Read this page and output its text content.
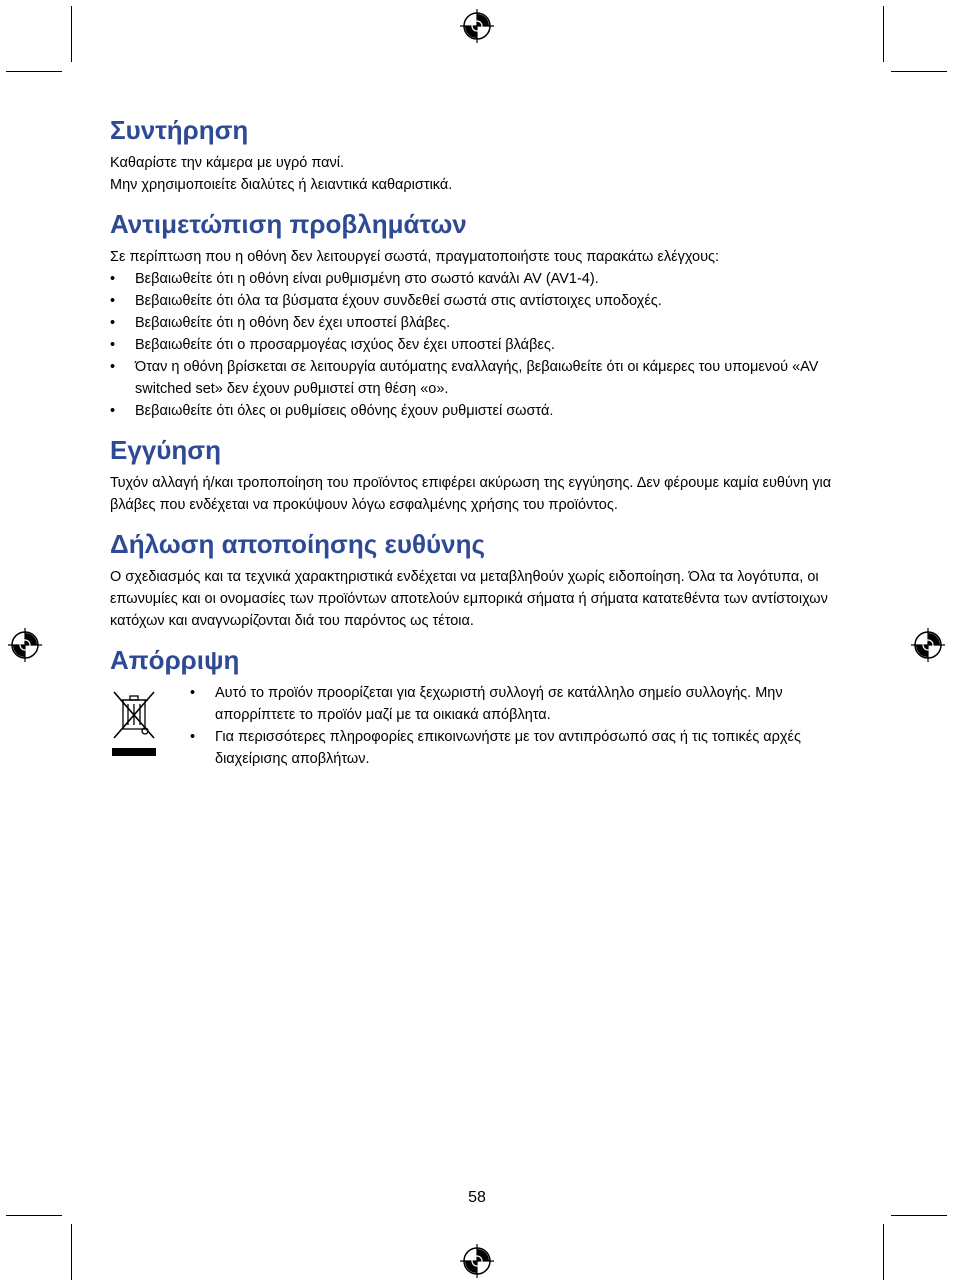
Συντήρηση

Καθαρίστε την κάμερα με υγρό πανί.

Μην χρησιμοποιείτε διαλύτες ή λειαντικά καθαριστικά.

Αντιμετώπιση προβλημάτων

Σε περίπτωση που η οθόνη δεν λειτουργεί σωστά, πραγματοποιήστε τους παρακάτω ελέγχους:

• Βεβαιωθείτε ότι η οθόνη είναι ρυθμισμένη στο σωστό κανάλι AV (AV1-4).
• Βεβαιωθείτε ότι όλα τα βύσματα έχουν συνδεθεί σωστά στις αντίστοιχες υποδοχές.
• Βεβαιωθείτε ότι η οθόνη δεν έχει υποστεί βλάβες.
• Βεβαιωθείτε ότι ο προσαρμογέας ισχύος δεν έχει υποστεί βλάβες.
• Όταν η οθόνη βρίσκεται σε λειτουργία αυτόματης εναλλαγής, βεβαιωθείτε ότι οι κάμερες του υπομενού «AV switched set» δεν έχουν ρυθμιστεί στη θέση «o».
• Βεβαιωθείτε ότι όλες οι ρυθμίσεις οθόνης έχουν ρυθμιστεί σωστά.
Εγγύηση

Τυχόν αλλαγή ή/και τροποποίηση του προϊόντος επιφέρει ακύρωση της εγγύησης. Δεν φέρουμε καμία ευθύνη για βλάβες που ενδέχεται να προκύψουν λόγω εσφαλμένης χρήσης του προϊόντος.

Δήλωση αποποίησης ευθύνης

Ο σχεδιασμός και τα τεχνικά χαρακτηριστικά ενδέχεται να μεταβληθούν χωρίς ειδοποίηση. Όλα τα λογότυπα, οι επωνυμίες και οι ονομασίες των προϊόντων αποτελούν εμπορικά σήματα ή σήματα κατατεθέντα των αντίστοιχων κατόχων και αναγνωρίζονται διά του παρόντος ως τέτοια.

Απόρριψη
• Αυτό το προϊόν προορίζεται για ξεχωριστή συλλογή σε κατάλληλο σημείο συλλογής. Μην απορρίπτετε το προϊόν μαζί με τα οικιακά απόβλητα.
• Για περισσότερες πληροφορίες επικοινωνήστε με τον αντιπρόσωπό σας ή τις τοπικές αρχές διαχείρισης αποβλήτων.
58
